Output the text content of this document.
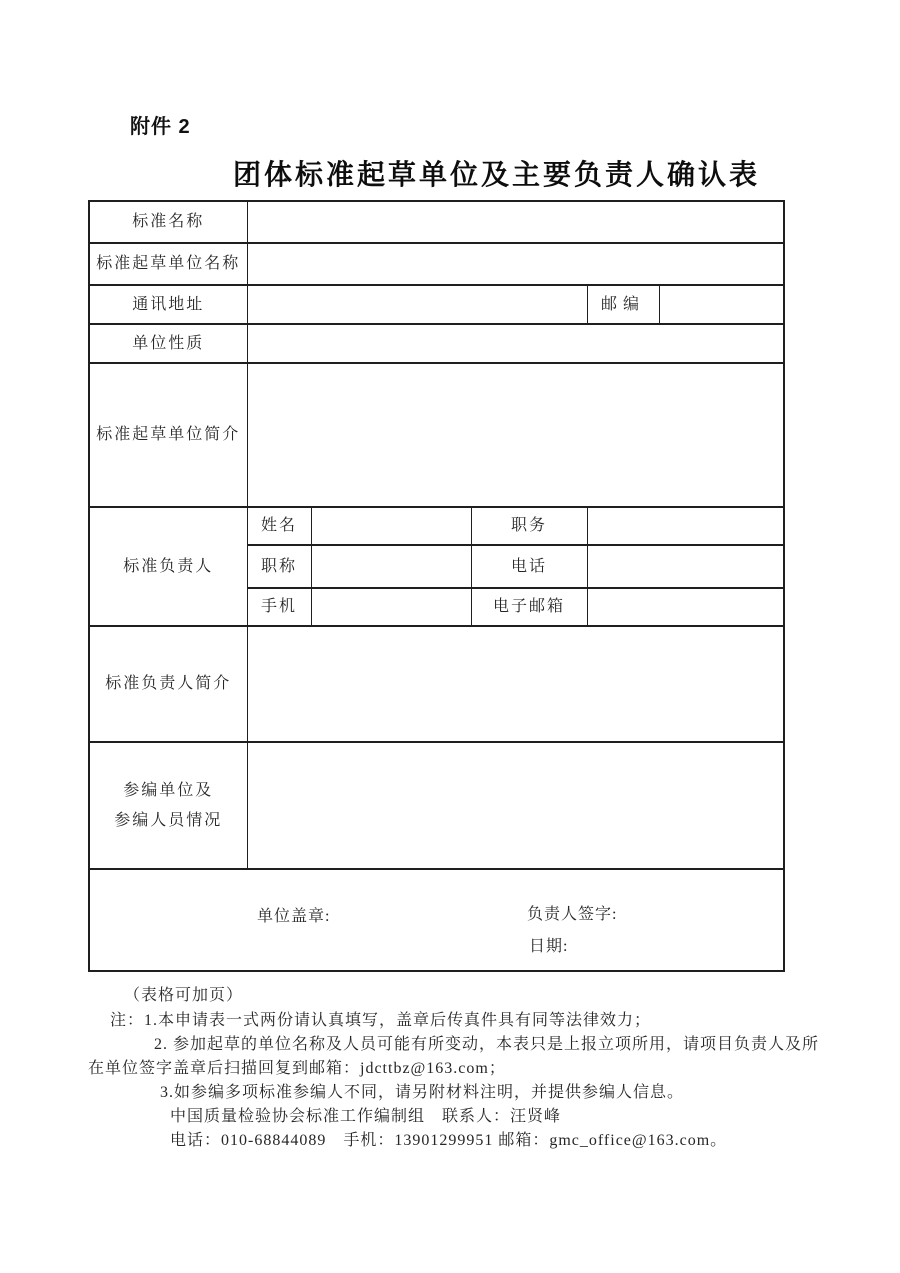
附件 2
团体标准起草单位及主要负责人确认表
标准名称					
标准起草单位名称					
通讯地址				邮编	
单位性质					
标准起草单位简介					
标准负责人	姓名		职务		
	职称		电话		
	手机		电子邮箱		
标准负责人简介					

参编单位及
参编人员情况					

单位盖章: 负责人签字:
日期:					
（表格可加页）
注：1.本申请表一式两份请认真填写，盖章后传真件具有同等法律效力；
2. 参加起草的单位名称及人员可能有所变动，本表只是上报立项所用，请项目负责人及所
在单位签字盖章后扫描回复到邮箱：jdcttbz@163.com；
3.如参编多项标准参编人不同，请另附材料注明，并提供参编人信息。
中国质量检验协会标准工作编制组　联系人：汪贤峰
电话：010-68844089　手机：13901299951 邮箱：gmc_office@163.com。
